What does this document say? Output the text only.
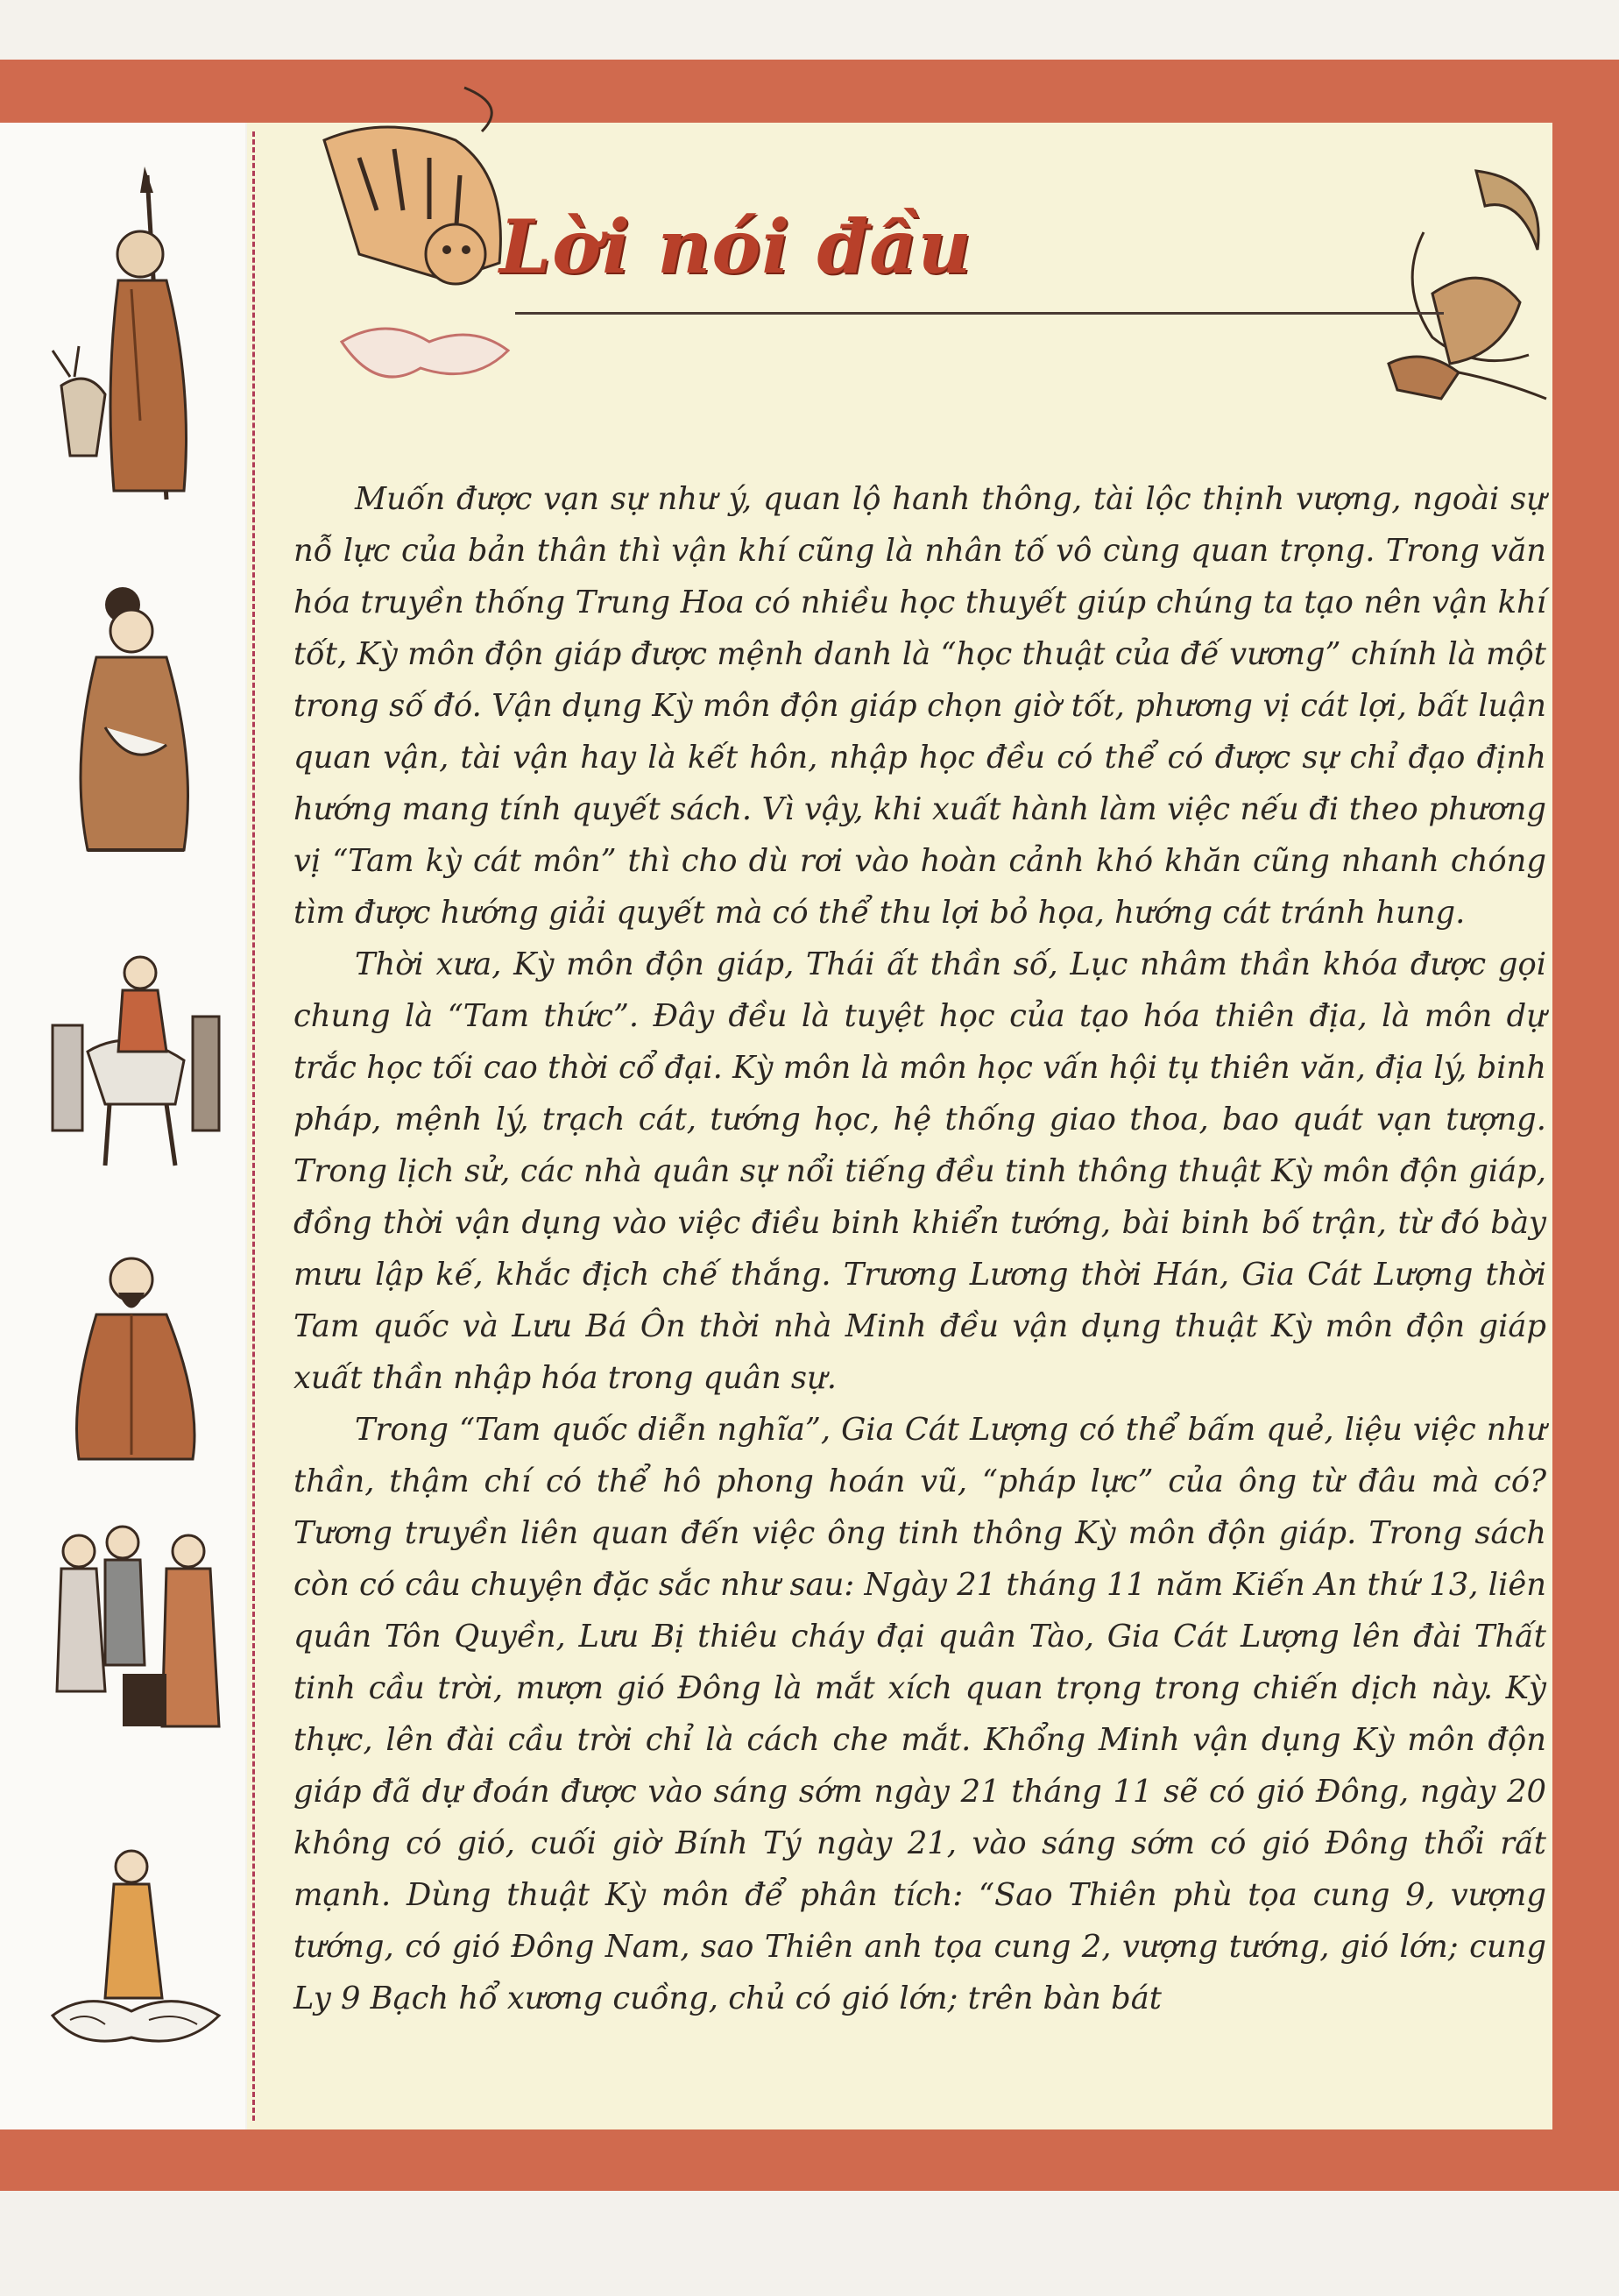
Lời nói đầu

Muốn được vạn sự như ý, quan lộ hanh thông, tài lộc thịnh vượng, ngoài sự nỗ lực của bản thân thì vận khí cũng là nhân tố vô cùng quan trọng. Trong văn hóa truyền thống Trung Hoa có nhiều học thuyết giúp chúng ta tạo nên vận khí tốt, Kỳ môn độn giáp được mệnh danh là “học thuật của đế vương” chính là một trong số đó. Vận dụng Kỳ môn độn giáp chọn giờ tốt, phương vị cát lợi, bất luận quan vận, tài vận hay là kết hôn, nhập học đều có thể có được sự chỉ đạo định hướng mang tính quyết sách. Vì vậy, khi xuất hành làm việc nếu đi theo phương vị “Tam kỳ cát môn” thì cho dù rơi vào hoàn cảnh khó khăn cũng nhanh chóng tìm được hướng giải quyết mà có thể thu lợi bỏ họa, hướng cát tránh hung.

Thời xưa, Kỳ môn độn giáp, Thái ất thần số, Lục nhâm thần khóa được gọi chung là “Tam thức”. Đây đều là tuyệt học của tạo hóa thiên địa, là môn dự trắc học tối cao thời cổ đại. Kỳ môn là môn học vấn hội tụ thiên văn, địa lý, binh pháp, mệnh lý, trạch cát, tướng học, hệ thống giao thoa, bao quát vạn tượng. Trong lịch sử, các nhà quân sự nổi tiếng đều tinh thông thuật Kỳ môn độn giáp, đồng thời vận dụng vào việc điều binh khiển tướng, bài binh bố trận, từ đó bày mưu lập kế, khắc địch chế thắng. Trương Lương thời Hán, Gia Cát Lượng thời Tam quốc và Lưu Bá Ôn thời nhà Minh đều vận dụng thuật Kỳ môn độn giáp xuất thần nhập hóa trong quân sự.

Trong “Tam quốc diễn nghĩa”, Gia Cát Lượng có thể bấm quẻ, liệu việc như thần, thậm chí có thể hô phong hoán vũ, “pháp lực” của ông từ đâu mà có? Tương truyền liên quan đến việc ông tinh thông Kỳ môn độn giáp. Trong sách còn có câu chuyện đặc sắc như sau: Ngày 21 tháng 11 năm Kiến An thứ 13, liên quân Tôn Quyền, Lưu Bị thiêu cháy đại quân Tào, Gia Cát Lượng lên đài Thất tinh cầu trời, mượn gió Đông là mắt xích quan trọng trong chiến dịch này. Kỳ thực, lên đài cầu trời chỉ là cách che mắt. Khổng Minh vận dụng Kỳ môn độn giáp đã dự đoán được vào sáng sớm ngày 21 tháng 11 sẽ có gió Đông, ngày 20 không có gió, cuối giờ Bính Tý ngày 21, vào sáng sớm có gió Đông thổi rất mạnh. Dùng thuật Kỳ môn để phân tích: “Sao Thiên phù tọa cung 9, vượng tướng, có gió Đông Nam, sao Thiên anh tọa cung 2, vượng tướng, gió lớn; cung Ly 9 Bạch hổ xương cuồng, chủ có gió lớn; trên bàn bát
